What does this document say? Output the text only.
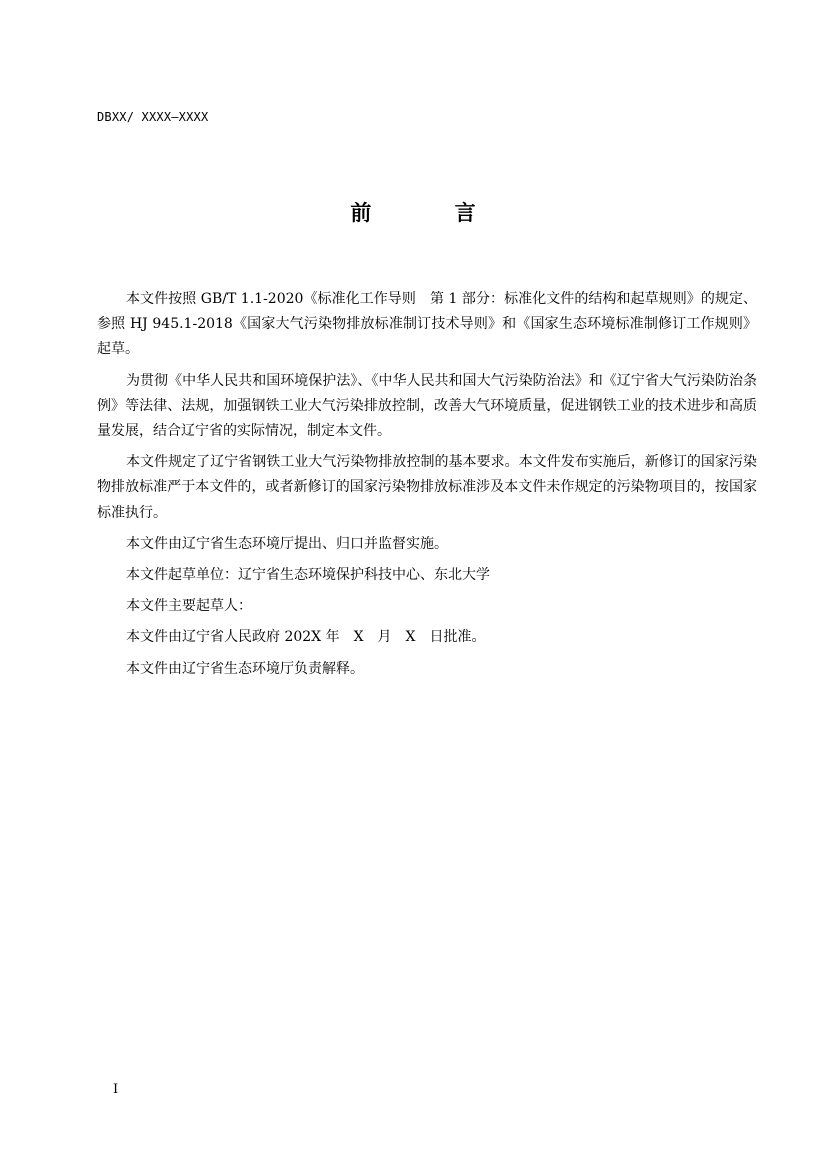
DBXX/ XXXX—XXXX
前 言

本文件按照 GB/T 1.1-2020《标准化工作导则　第 1 部分：标准化文件的结构和起草规则》的规定、参照 HJ 945.1-2018《国家大气污染物排放标准制订技术导则》和《国家生态环境标准制修订工作规则》起草。

为贯彻《中华人民共和国环境保护法》、《中华人民共和国大气污染防治法》和《辽宁省大气污染防治条例》等法律、法规，加强钢铁工业大气污染排放控制，改善大气环境质量，促进钢铁工业的技术进步和高质量发展，结合辽宁省的实际情况，制定本文件。

本文件规定了辽宁省钢铁工业大气污染物排放控制的基本要求。本文件发布实施后，新修订的国家污染物排放标准严于本文件的，或者新修订的国家污染物排放标准涉及本文件未作规定的污染物项目的，按国家标准执行。

本文件由辽宁省生态环境厅提出、归口并监督实施。

本文件起草单位：辽宁省生态环境保护科技中心、东北大学

本文件主要起草人：

本文件由辽宁省人民政府 202X 年　X　月　X　日批准。

本文件由辽宁省生态环境厅负责解释。

I
